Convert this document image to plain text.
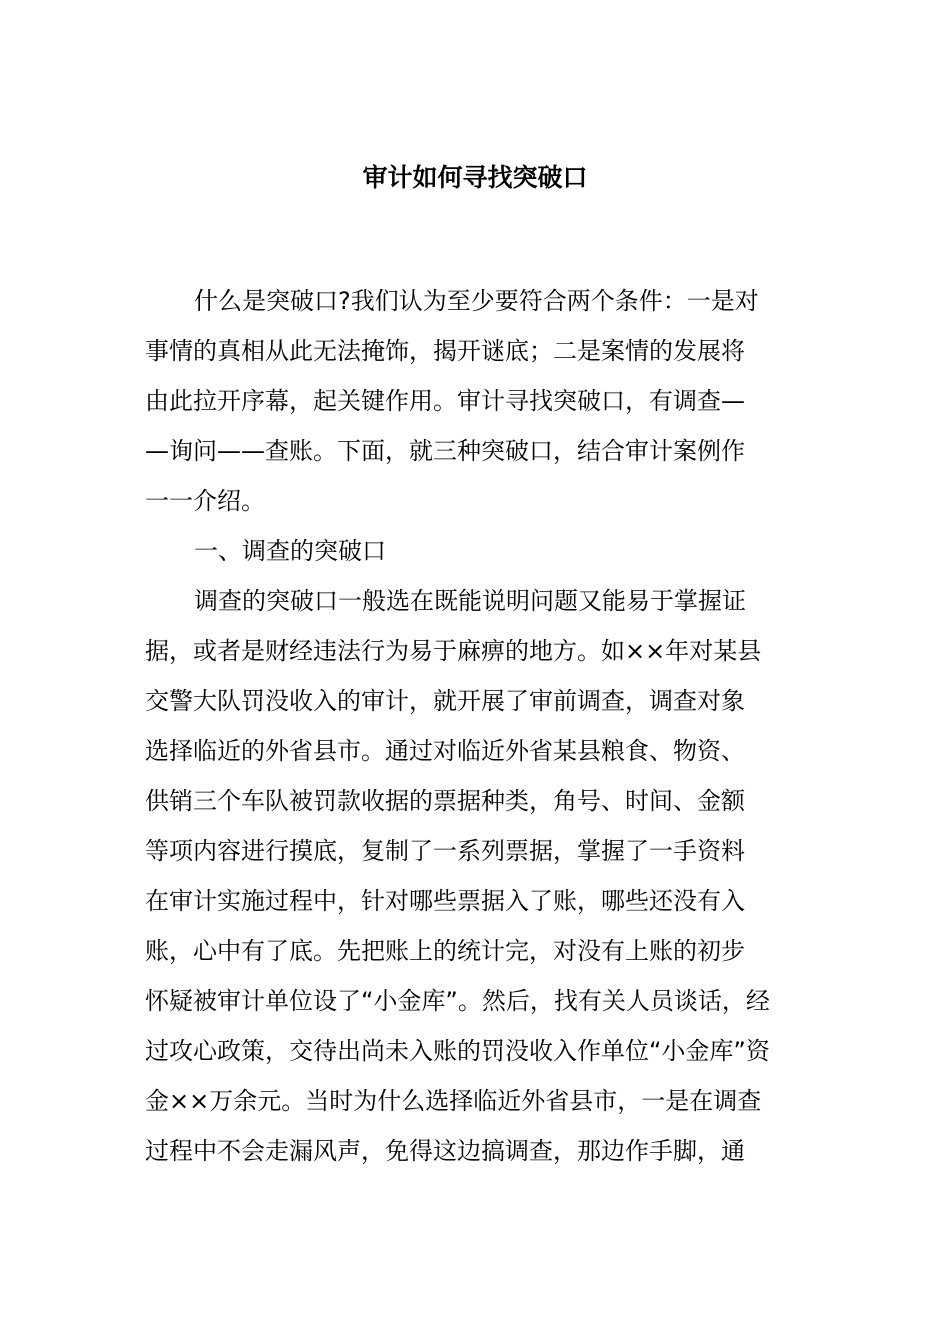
审计如何寻找突破口

什么是突破口?我们认为至少要符合两个条件：一是对

事情的真相从此无法掩饰，揭开谜底；二是案情的发展将

由此拉开序幕，起关键作用。审计寻找突破口，有调查—

—询问——查账。下面，就三种突破口，结合审计案例作

一一介绍。

一、调查的突破口

调查的突破口一般选在既能说明问题又能易于掌握证

据，或者是财经违法行为易于麻痹的地方。如××年对某县

交警大队罚没收入的审计，就开展了审前调查，调查对象

选择临近的外省县市。通过对临近外省某县粮食、物资、

供销三个车队被罚款收据的票据种类，角号、时间、金额

等项内容进行摸底，复制了一系列票据，掌握了一手资料

在审计实施过程中，针对哪些票据入了账，哪些还没有入

账，心中有了底。先把账上的统计完，对没有上账的初步

怀疑被审计单位设了“小金库”。然后，找有关人员谈话，经

过攻心政策，交待出尚未入账的罚没收入作单位“小金库”资

金××万余元。当时为什么选择临近外省县市，一是在调查

过程中不会走漏风声，免得这边搞调查，那边作手脚，通
